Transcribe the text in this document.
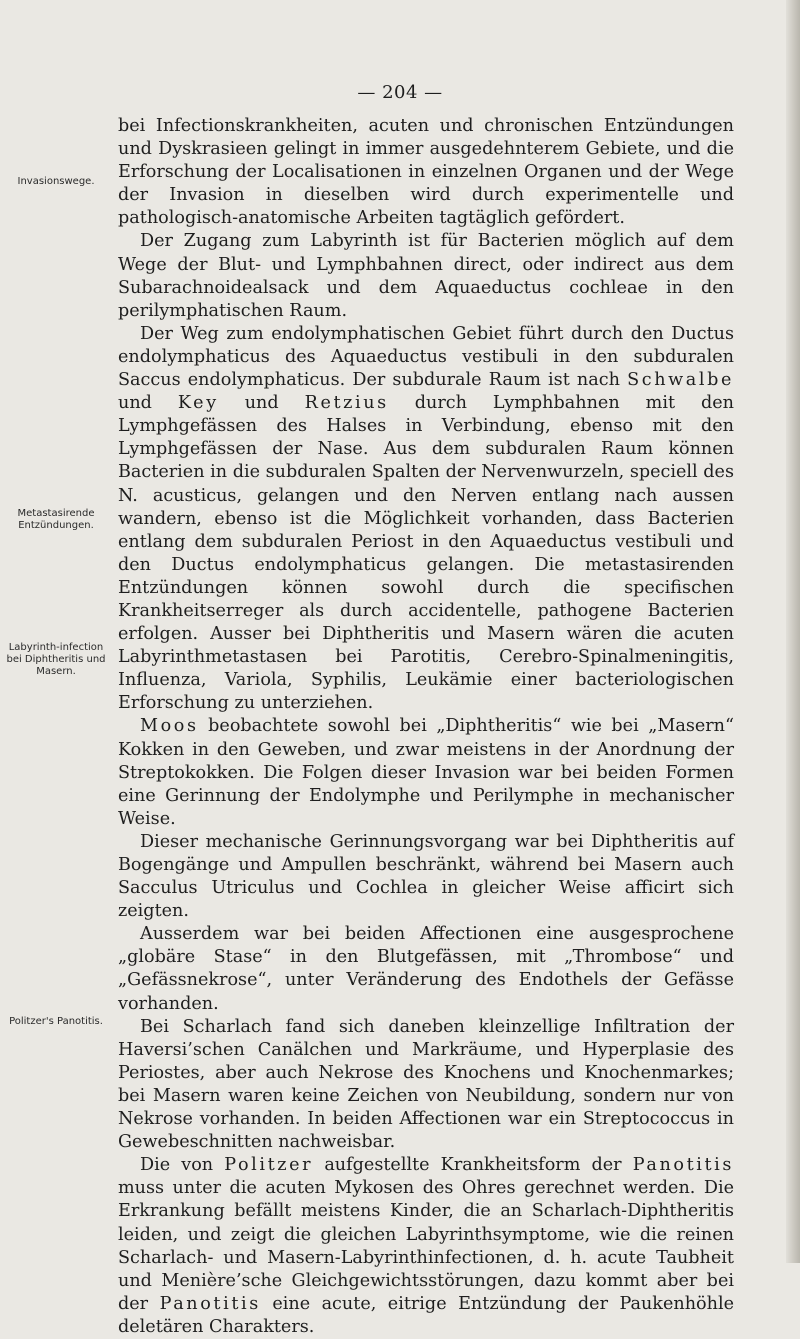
— 204 —
Invasionswege.
Metastasirende Entzündungen.
Labyrinth-infection bei Diphtheritis und Masern.
Politzer's Panotitis.

bei Infectionskrankheiten, acuten und chronischen Entzündungen und Dyskrasieen gelingt in immer ausgedehnterem Gebiete, und die Erforschung der Localisationen in einzelnen Organen und der Wege der Invasion in dieselben wird durch experimentelle und pathologisch-anatomische Arbeiten tagtäglich gefördert.

Der Zugang zum Labyrinth ist für Bacterien möglich auf dem Wege der Blut- und Lymphbahnen direct, oder indirect aus dem Subarachnoidealsack und dem Aquaeductus cochleae in den perilymphatischen Raum.

Der Weg zum endolymphatischen Gebiet führt durch den Ductus endolymphaticus des Aquaeductus vestibuli in den subduralen Saccus endolymphaticus. Der subdurale Raum ist nach Schwalbe und Key und Retzius durch Lymphbahnen mit den Lymphgefässen des Halses in Verbindung, ebenso mit den Lymphgefässen der Nase. Aus dem subduralen Raum können Bacterien in die subduralen Spalten der Nervenwurzeln, speciell des N. acusticus, gelangen und den Nerven entlang nach aussen wandern, ebenso ist die Möglichkeit vorhanden, dass Bacterien entlang dem subduralen Periost in den Aquaeductus vestibuli und den Ductus endolymphaticus gelangen. Die metastasirenden Entzündungen können sowohl durch die specifischen Krankheitserreger als durch accidentelle, pathogene Bacterien erfolgen. Ausser bei Diphtheritis und Masern wären die acuten Labyrinthmetastasen bei Parotitis, Cerebro-Spinalmeningitis, Influenza, Variola, Syphilis, Leukämie einer bacteriologischen Erforschung zu unterziehen.

Moos beobachtete sowohl bei „Diphtheritis“ wie bei „Masern“ Kokken in den Geweben, und zwar meistens in der Anordnung der Streptokokken. Die Folgen dieser Invasion war bei beiden Formen eine Gerinnung der Endolymphe und Perilymphe in mechanischer Weise.

Dieser mechanische Gerinnungsvorgang war bei Diphtheritis auf Bogengänge und Ampullen beschränkt, während bei Masern auch Sacculus Utriculus und Cochlea in gleicher Weise afficirt sich zeigten.

Ausserdem war bei beiden Affectionen eine ausgesprochene „globäre Stase“ in den Blutgefässen, mit „Thrombose“ und „Gefässnekrose“, unter Veränderung des Endothels der Gefässe vorhanden.

Bei Scharlach fand sich daneben kleinzellige Infiltration der Haversi’schen Canälchen und Markräume, und Hyperplasie des Periostes, aber auch Nekrose des Knochens und Knochenmarkes; bei Masern waren keine Zeichen von Neubildung, sondern nur von Nekrose vorhanden. In beiden Affectionen war ein Streptococcus in Gewebeschnitten nachweisbar.

Die von Politzer aufgestellte Krankheitsform der Panotitis muss unter die acuten Mykosen des Ohres gerechnet werden. Die Erkrankung befällt meistens Kinder, die an Scharlach-Diphtheritis leiden, und zeigt die gleichen Labyrinthsymptome, wie die reinen Scharlach- und Masern-Labyrinthinfectionen, d. h. acute Taubheit und Menière’sche Gleichgewichtsstörungen, dazu kommt aber bei der Panotitis eine acute, eitrige Entzündung der Paukenhöhle deletären Charakters.
